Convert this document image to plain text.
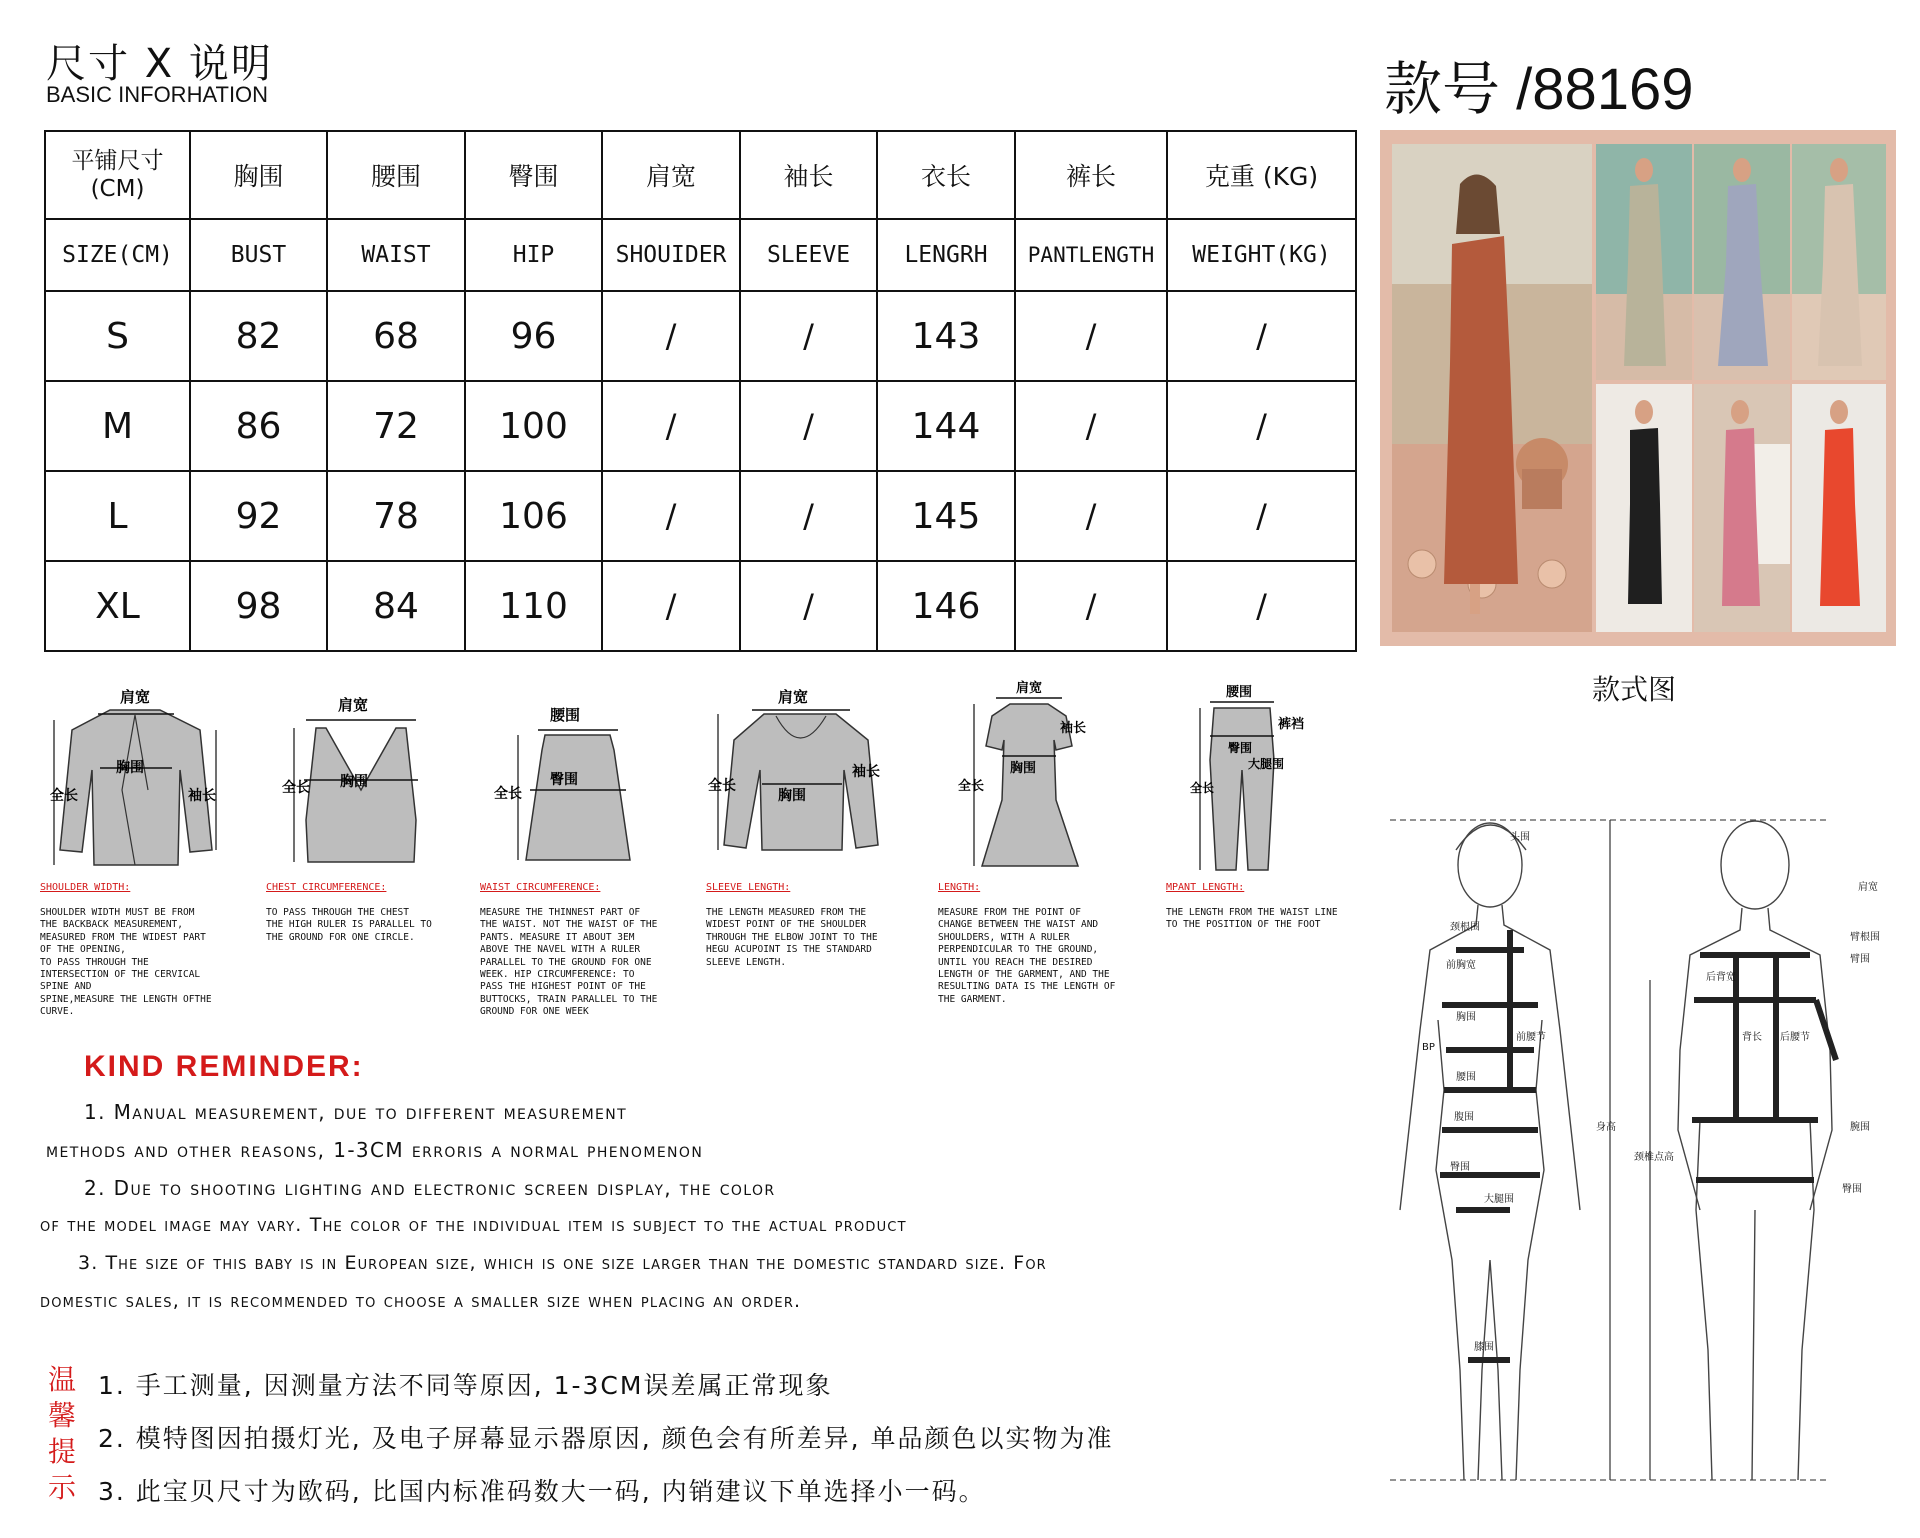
尺寸 X 说明
BASIC INFORHATION	款号 /88169
平铺尺寸
(CM)	胸围	腰围	臀围	肩宽	袖长	衣长	裤长	克重 (KG)
SIZE(CM)	BUST	WAIST	HIP	SHOUIDER	SLEEVE	LENGRH	PANTLENGTH	WEIGHT(KG)
S	82	68	96	/	/	143	/	/
M	86	72	100	/	/	144	/	/
L	92	78	106	/	/	145	/	/
XL	98	84	110	/	/	146	/	/
款式图
肩宽
胸围
全长	袖长
SHOULDER WIDTH:
SHOULDER WIDTH MUST BE FROM
THE BACKBACK MEASUREMENT,
MEASURED FROM THE WIDEST PART
OF THE OPENING,
TO PASS THROUGH THE
INTERSECTION OF THE CERVICAL
SPINE AND
SPINE,MEASURE THE LENGTH OFTHE
CURVE.
肩宽
胸围
全长
CHEST CIRCUMFERENCE:
TO PASS THROUGH THE CHEST
THE HIGH RULER IS PARALLEL TO
THE GROUND FOR ONE CIRCLE.
腰围
全长
臀围
WAIST CIRCUMFERENCE:
MEASURE THE THINNEST PART OF
THE WAIST. NOT THE WAIST OF THE
PANTS. MEASURE IT ABOUT 3EM
ABOVE THE NAVEL WITH A RULER
PARALLEL TO THE GROUND FOR ONE
WEEK. HIP CIRCUMFERENCE: TO
PASS THE HIGHEST POINT OF THE
BUTTOCKS, TRAIN PARALLEL TO THE
GROUND FOR ONE WEEK
肩宽
全长
胸围
袖长
SLEEVE LENGTH:
THE LENGTH MEASURED FROM THE
WIDEST POINT OF THE SHOULDER
THROUGH THE ELBOW JOINT TO THE
HEGU ACUPOINT IS THE STANDARD
SLEEVE LENGTH.
肩宽
袖长
胸围
全长
LENGTH:
MEASURE FROM THE POINT OF
CHANGE BETWEEN THE WAIST AND
SHOULDERS, WITH A RULER
PERPENDICULAR TO THE GROUND,
UNTIL YOU REACH THE DESIRED
LENGTH OF THE GARMENT, AND THE
RESULTING DATA IS THE LENGTH OF
THE GARMENT.
腰围
裤裆
臀围
大腿围
全长
MPANT LENGTH:
THE LENGTH FROM THE WAIST LINE
TO THE POSITION OF THE FOOT
KIND REMINDER:
1. Manual measurement, due to different measurement
methods and other reasons, 1-3CM erroris a normal phenomenon
2. Due to shooting lighting and electronic screen display, the color
of the model image may vary. The color of the individual item is subject to the actual product
3. The size of this baby is in European size, which is one size larger than the domestic standard size. For
domestic sales, it is recommended to choose a smaller size when placing an order.
温
馨
提
示
1. 手工测量, 因测量方法不同等原因, 1-3CM误差属正常现象
2. 模特图因拍摄灯光, 及电子屏幕显示器原因, 颜色会有所差异, 单品颜色以实物为准
3. 此宝贝尺寸为欧码, 比国内标准码数大一码, 内销建议下单选择小一码。
头围
颈根围
前胸宽
胸围
BP
前腰节
腰围
腹围
臀围
大腿围
膝围
身高
颈椎点高
肩宽
臂根围
臂围
后背宽
背长 后腰节
腕围
臀围
